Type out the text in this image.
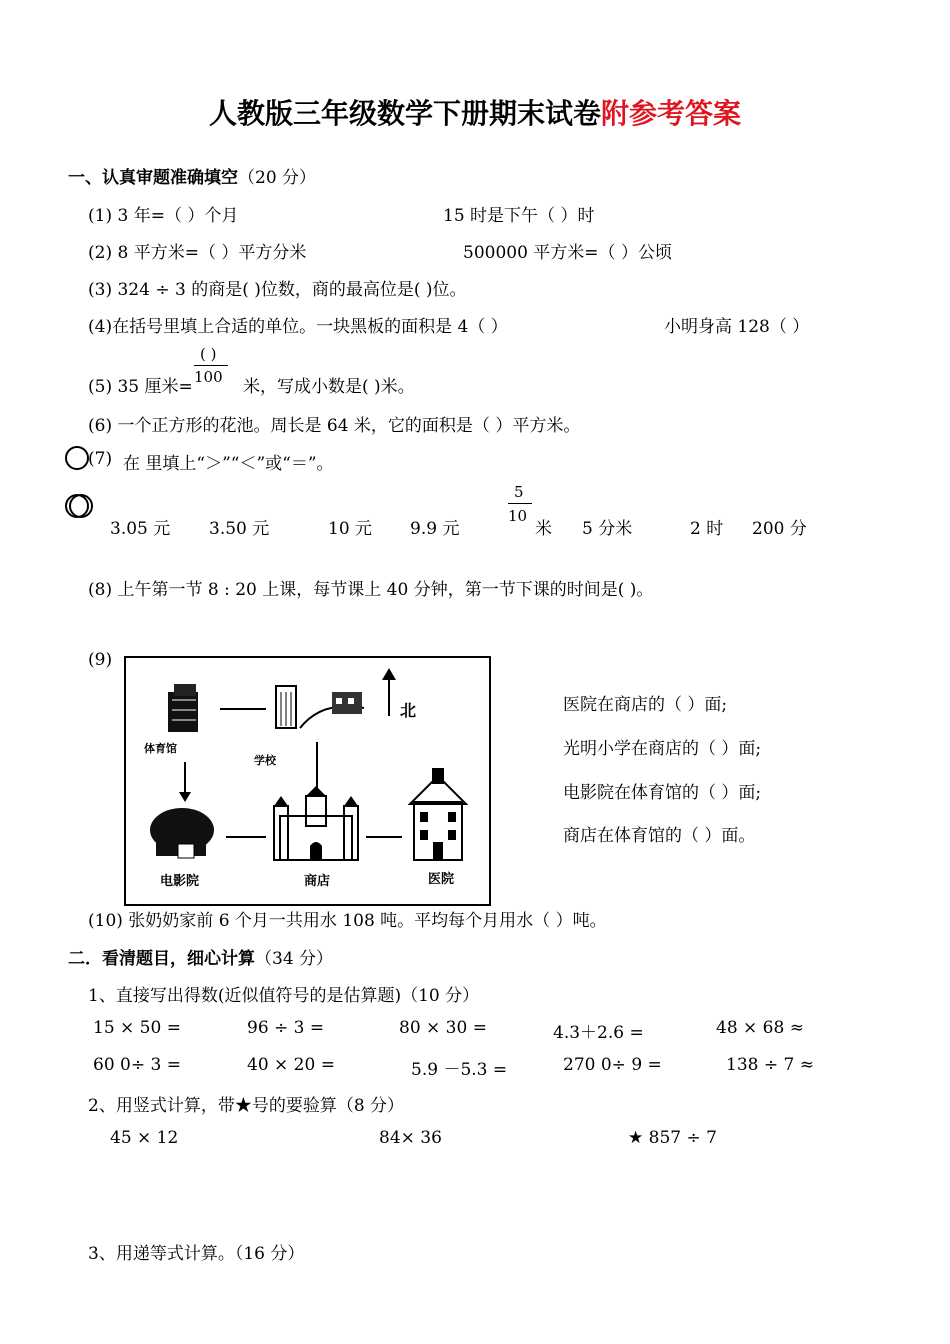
人教版三年级数学下册期末试卷附参考答案
一、认真审题准确填空（20 分）
(1) 3 年=（ ）个月	15 时是下午（ ）时
(2) 8 平方米=（ ）平方分米	500000 平方米=（ ）公顷
(3) 324 ÷ 3 的商是( )位数，商的最高位是( )位。
(4)在括号里填上合适的单位。一块黑板的面积是 4（ ）	小明身高 128（ ）
( )
100
(5) 35 厘米=	米，写成小数是( )米。
(6) 一个正方形的花池。周长是 64 米，它的面积是（ ）平方米。
(7) 在 里填上“＞”“＜”或“＝”。
3.05 元 3.50 元	10 元 9.9 元
5
10
米 5 分米	2 时 200 分
(8) 上午第一节 8 : 20 上课，每节课上 40 分钟，第一节下课的时间是( )。
(9)
体育馆
学校
北
电影院	商店	医院
医院在商店的（ ）面;
光明小学在商店的（ ）面;
电影院在体育馆的（ ）面;
商店在体育馆的（ ）面。
(10) 张奶奶家前 6 个月一共用水 108 吨。平均每个月用水（ ）吨。
二．看清题目，细心计算（34 分）
1、直接写出得数(近似值符号的是估算题)（10 分）
15 × 50 =	96 ÷ 3 =	80 × 30 =	4.3＋2.6 =	48 × 68 ≈
60 0÷ 3 =	40 × 20 =	5.9 －5.3 =	270 0÷ 9 =	138 ÷ 7 ≈
2、用竖式计算，带★号的要验算（8 分）
45 × 12	84× 36	★ 857 ÷ 7
3、用递等式计算。（16 分）
